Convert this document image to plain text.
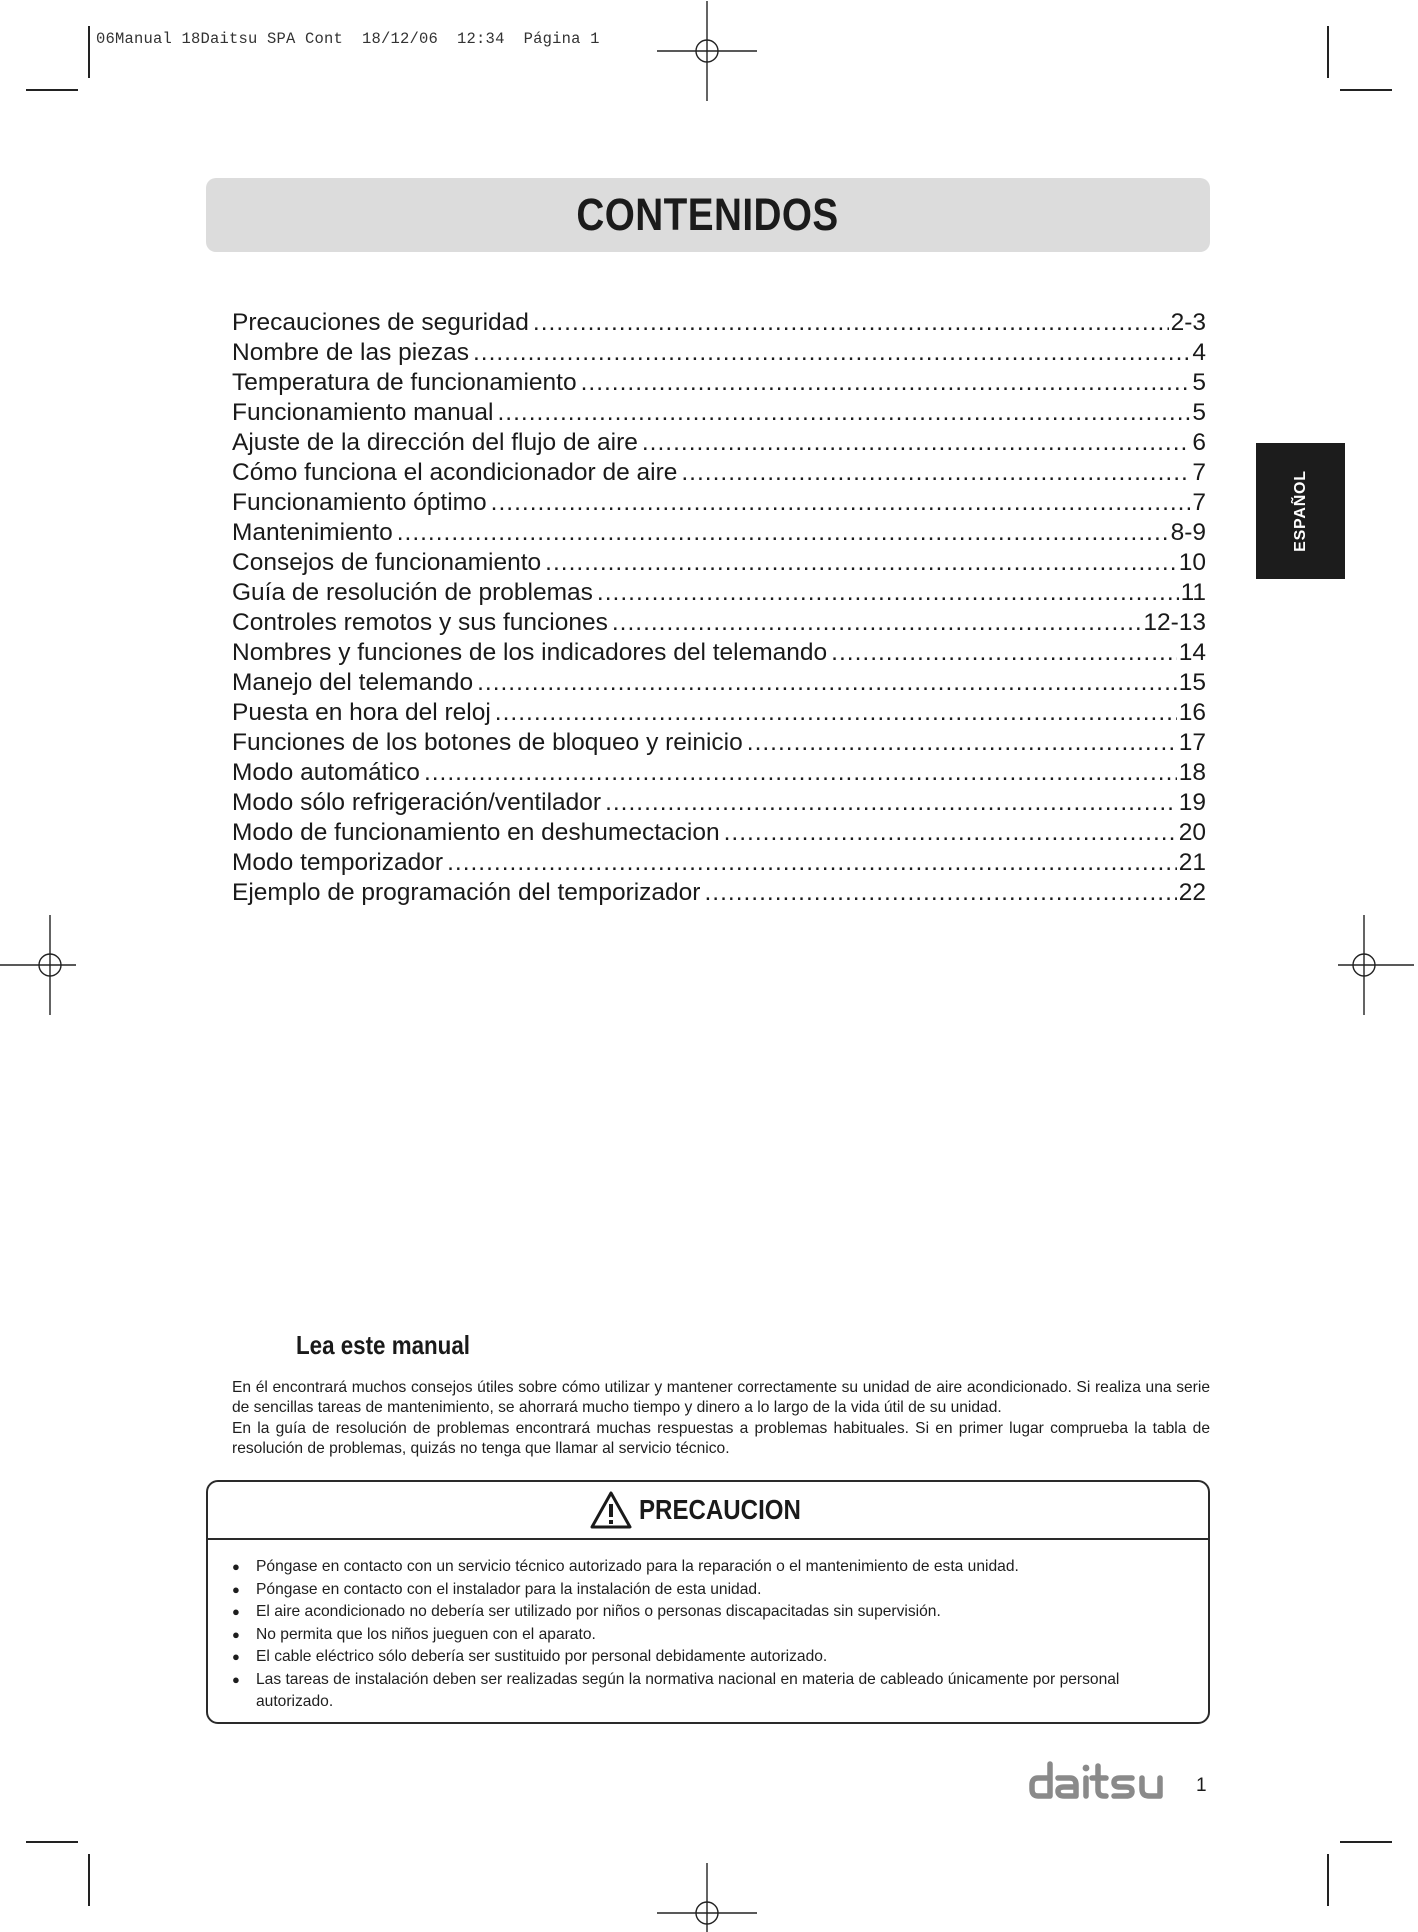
06Manual 18Daitsu SPA Cont  18/12/06  12:34  Página 1
CONTENIDOS
Precauciones de seguridad .....	2-3
Nombre de las piezas .....	4
Temperatura de funcionamiento .....	5
Funcionamiento manual .....	5
Ajuste de la dirección del flujo de aire .....	6
Cómo funciona el acondicionador de aire .....	7
Funcionamiento óptimo .....	7
Mantenimiento .....	8-9
Consejos de funcionamiento .....	10
Guía de resolución de problemas .....	11
Controles remotos y sus funciones .....	12-13
Nombres y funciones de los indicadores del telemando .....	14
Manejo del telemando .....	15
Puesta en hora del reloj .....	16
Funciones de los botones de bloqueo y reinicio .....	17
Modo automático .....	18
Modo sólo refrigeración/ventilador .....	19
Modo de funcionamiento en deshumectacion .....	20
Modo temporizador .....	21
Ejemplo de programación del temporizador .....	22
ESPAÑOL
Lea este manual

En él encontrará muchos consejos útiles sobre cómo utilizar y mantener correctamente su unidad de aire acondicionado. Si realiza una serie de sencillas tareas de mantenimiento, se ahorrará mucho tiempo y dinero a lo largo de la vida útil de su unidad.

En la guía de resolución de problemas encontrará muchas respuestas a problemas habituales. Si en primer lugar comprueba la tabla de resolución de problemas, quizás no tenga que llamar al servicio técnico.

PRECAUCION
●	Póngase en contacto con un servicio técnico autorizado para la reparación o el mantenimiento de esta unidad.
●	Póngase en contacto con el instalador para la instalación de esta unidad.
●	El aire acondicionado no debería ser utilizado por niños o personas discapacitadas sin supervisión.
●	No permita que los niños jueguen con el aparato.
●	El cable eléctrico sólo debería ser sustituido por personal debidamente autorizado.
●	Las tareas de instalación deben ser realizadas según la normativa nacional en materia de cableado únicamente por personal autorizado.
daitsu
1
